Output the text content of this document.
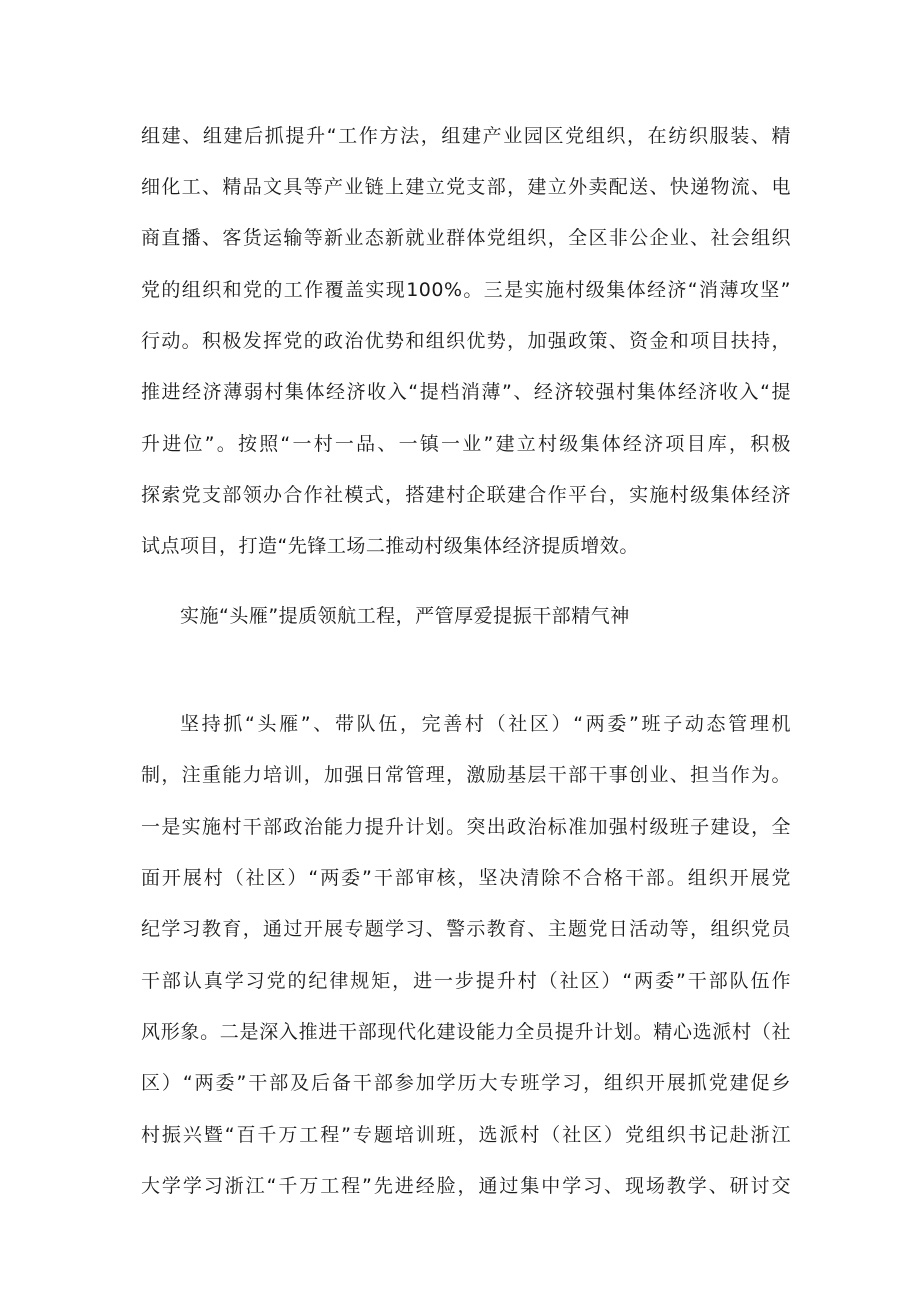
组建、组建后抓提升“工作方法，组建产业园区党组织，在纺织服装、精
细化工、精品文具等产业链上建立党支部，建立外卖配送、快递物流、电
商直播、客货运输等新业态新就业群体党组织，全区非公企业、社会组织
党的组织和党的工作覆盖实现100%。三是实施村级集体经济“消薄攻坚”
行动。积极发挥党的政治优势和组织优势，加强政策、资金和项目扶持，
推进经济薄弱村集体经济收入“提档消薄”、经济较强村集体经济收入“提
升进位”。按照“一村一品、一镇一业”建立村级集体经济项目库，积极
探索党支部领办合作社模式，搭建村企联建合作平台，实施村级集体经济
试点项目，打造“先锋工场二推动村级集体经济提质增效。
实施“头雁”提质领航工程，严管厚爱提振干部精气神
坚持抓“头雁”、带队伍，完善村（社区）“两委”班子动态管理机
制，注重能力培训，加强日常管理，激励基层干部干事创业、担当作为。
一是实施村干部政治能力提升计划。突出政治标准加强村级班子建设，全
面开展村（社区）“两委”干部审核，坚决清除不合格干部。组织开展党
纪学习教育，通过开展专题学习、警示教育、主题党日活动等，组织党员
干部认真学习党的纪律规矩，进一步提升村（社区）“两委”干部队伍作
风形象。二是深入推进干部现代化建设能力全员提升计划。精心选派村（社
区）“两委”干部及后备干部参加学历大专班学习，组织开展抓党建促乡
村振兴暨“百千万工程”专题培训班，选派村（社区）党组织书记赴浙江
大学学习浙江“千万工程”先进经脸，通过集中学习、现场教学、研讨交
